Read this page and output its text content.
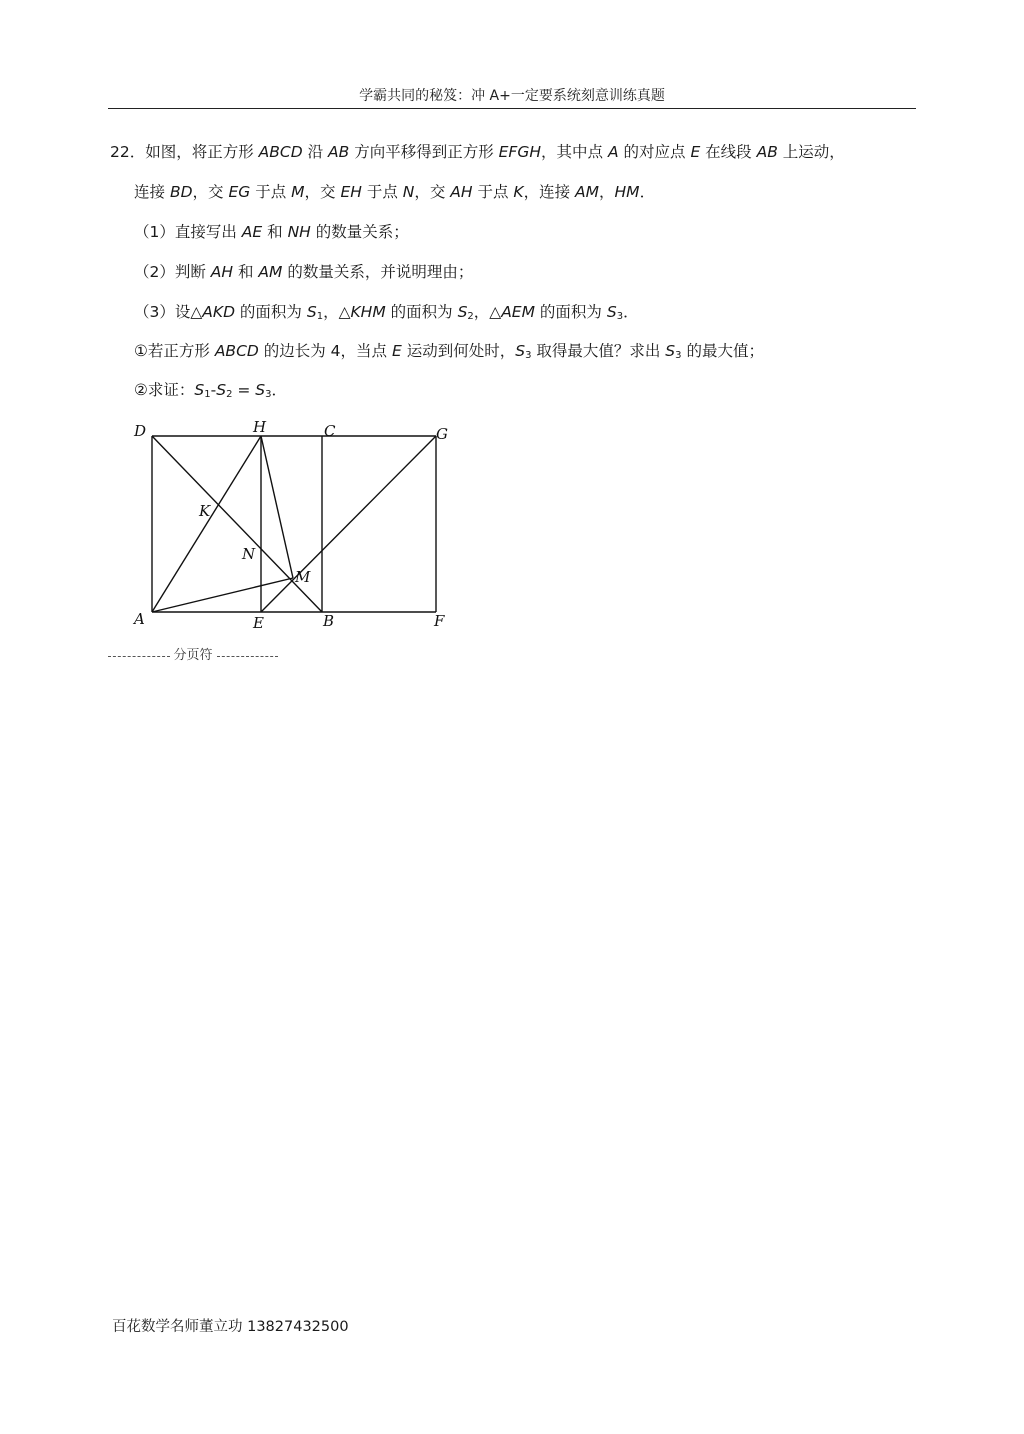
学霸共同的秘笈：冲 A+一定要系统刻意训练真题
22．如图，将正方形 ABCD 沿 AB 方向平移得到正方形 EFGH，其中点 A 的对应点 E 在线段 AB 上运动，
连接 BD，交 EG 于点 M，交 EH 于点 N，交 AH 于点 K，连接 AM，HM．
（1）直接写出 AE 和 NH 的数量关系；
（2）判断 AH 和 AM 的数量关系，并说明理由；
（3）设△AKD 的面积为 $S_1$，△KHM 的面积为 $S_2$，△AEM 的面积为 $S_3$．
①若正方形 ABCD 的边长为 4，当点 E 运动到何处时，$S_3$ 取得最大值？求出 $S_3$ 的最大值；
②求证：$S_1-S_2 = S_3$．
D	H	C	G
K
N
M
A	E	B	F
分页符
百花数学名师董立功 13827432500
